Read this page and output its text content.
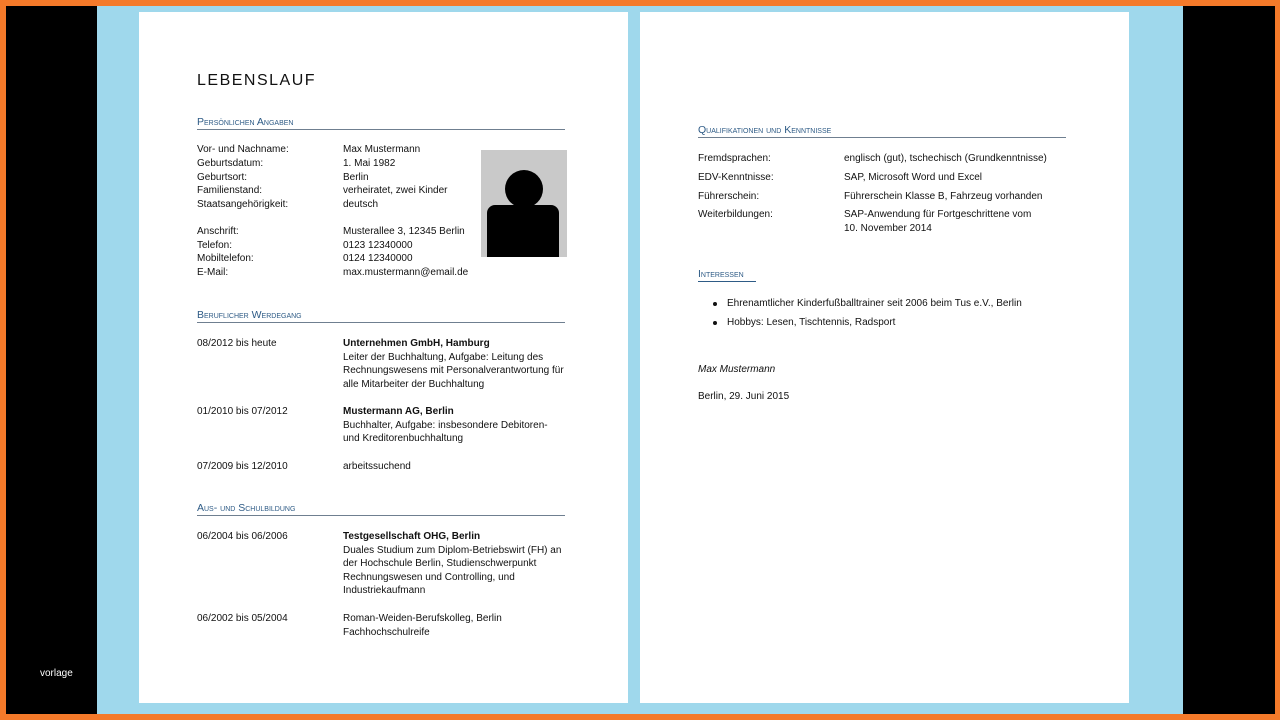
LEBENSLAUF
Persönlichen Angaben
Vor- und Nachname:	Max Mustermann
Geburtsdatum:	1. Mai 1982
Geburtsort:	Berlin
Familienstand:	verheiratet, zwei Kinder
Staatsangehörigkeit:	deutsch
Anschrift:	Musterallee 3, 12345 Berlin
Telefon:	0123 12340000
Mobiltelefon:	0124 12340000
E-Mail:	max.mustermann@email.de
Beruflicher Werdegang
08/2012 bis heute	Unternehmen GmbH, Hamburg
Leiter der Buchhaltung, Aufgabe: Leitung des Rechnungswesens mit Personalverantwortung für alle Mitarbeiter der Buchhaltung
01/2010 bis 07/2012	Mustermann AG, Berlin
Buchhalter, Aufgabe: insbesondere Debitoren- und Kreditorenbuchhaltung
07/2009 bis 12/2010	arbeitssuchend
Aus- und Schulbildung
06/2004 bis 06/2006	Testgesellschaft OHG, Berlin
Duales Studium zum Diplom-Betriebswirt (FH) an der Hochschule Berlin, Studienschwerpunkt Rechnungswesen und Controlling, und Industriekaufmann
06/2002 bis 05/2004	Roman-Weiden-Berufskolleg, Berlin Fachhochschulreife
Qualifikationen und Kenntnisse
Fremdsprachen:	englisch (gut), tschechisch (Grundkenntnisse)
EDV-Kenntnisse:	SAP, Microsoft Word und Excel
Führerschein:	Führerschein Klasse B, Fahrzeug vorhanden
Weiterbildungen:	SAP-Anwendung für Fortgeschrittene vom 10. November 2014
Interessen
Ehrenamtlicher Kinderfußballtrainer seit 2006 beim Tus e.V., Berlin
Hobbys: Lesen, Tischtennis, Radsport
Max Mustermann
Berlin, 29. Juni 2015
vorlage
